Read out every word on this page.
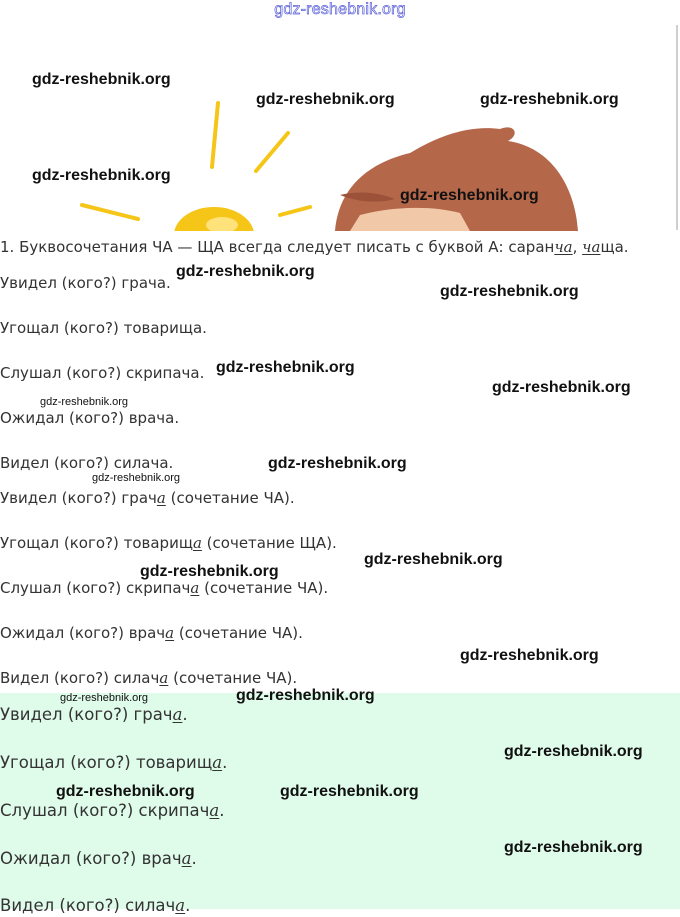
gdz-reshebnik.org
1. Буквосочетания ЧА — ЩА всегда следует писать с буквой А: саранча, чаща.
Увидел (кого?) грача.
Угощал (кого?) товарища.
Слушал (кого?) скрипача.
Ожидал (кого?) врача.
Видел (кого?) силача.
Увидел (кого?) грача (сочетание ЧА).
Угощал (кого?) товарища (сочетание ЩА).
Слушал (кого?) скрипача (сочетание ЧА).
Ожидал (кого?) врача (сочетание ЧА).
Видел (кого?) силача (сочетание ЧА).
Увидел (кого?) грача.
Угощал (кого?) товарища.
Слушал (кого?) скрипача.
Ожидал (кого?) врача.
Видел (кого?) силача.
gdz-reshebnik.org
gdz-reshebnik.org	gdz-reshebnik.org
gdz-reshebnik.org
gdz-reshebnik.org
gdz-reshebnik.org
gdz-reshebnik.org
gdz-reshebnik.org
gdz-reshebnik.org
gdz-reshebnik.org
gdz-reshebnik.org
gdz-reshebnik.org
gdz-reshebnik.org
gdz-reshebnik.org
gdz-reshebnik.org
gdz-reshebnik.org
gdz-reshebnik.org
gdz-reshebnik.org
gdz-reshebnik.org	gdz-reshebnik.org
gdz-reshebnik.org
